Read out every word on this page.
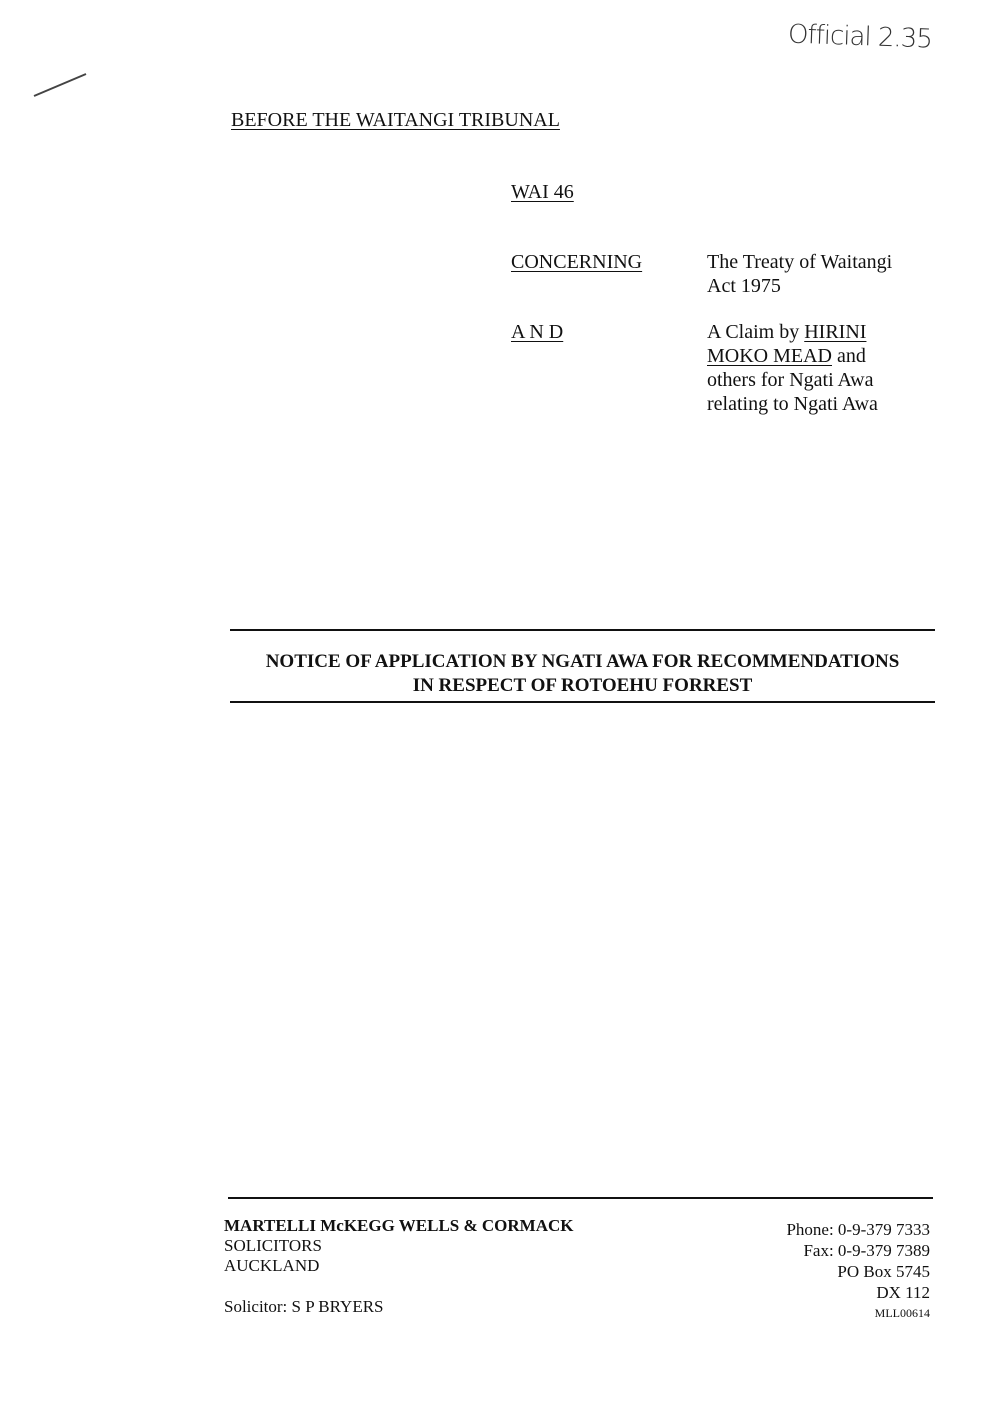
Official 2.35
BEFORE THE WAITANGI TRIBUNAL
WAI 46
CONCERNING	The Treaty of Waitangi
Act 1975
A N D	A Claim by HIRINI
MOKO MEAD and
others for Ngati Awa
relating to Ngati Awa
NOTICE OF APPLICATION BY NGATI AWA FOR RECOMMENDATIONS
IN RESPECT OF ROTOEHU FORREST
MARTELLI McKEGG WELLS & CORMACK
SOLICITORS
AUCKLAND
Solicitor: S P BRYERS
Phone: 0-9-379 7333
Fax: 0-9-379 7389
PO Box 5745
DX 112
MLL00614
